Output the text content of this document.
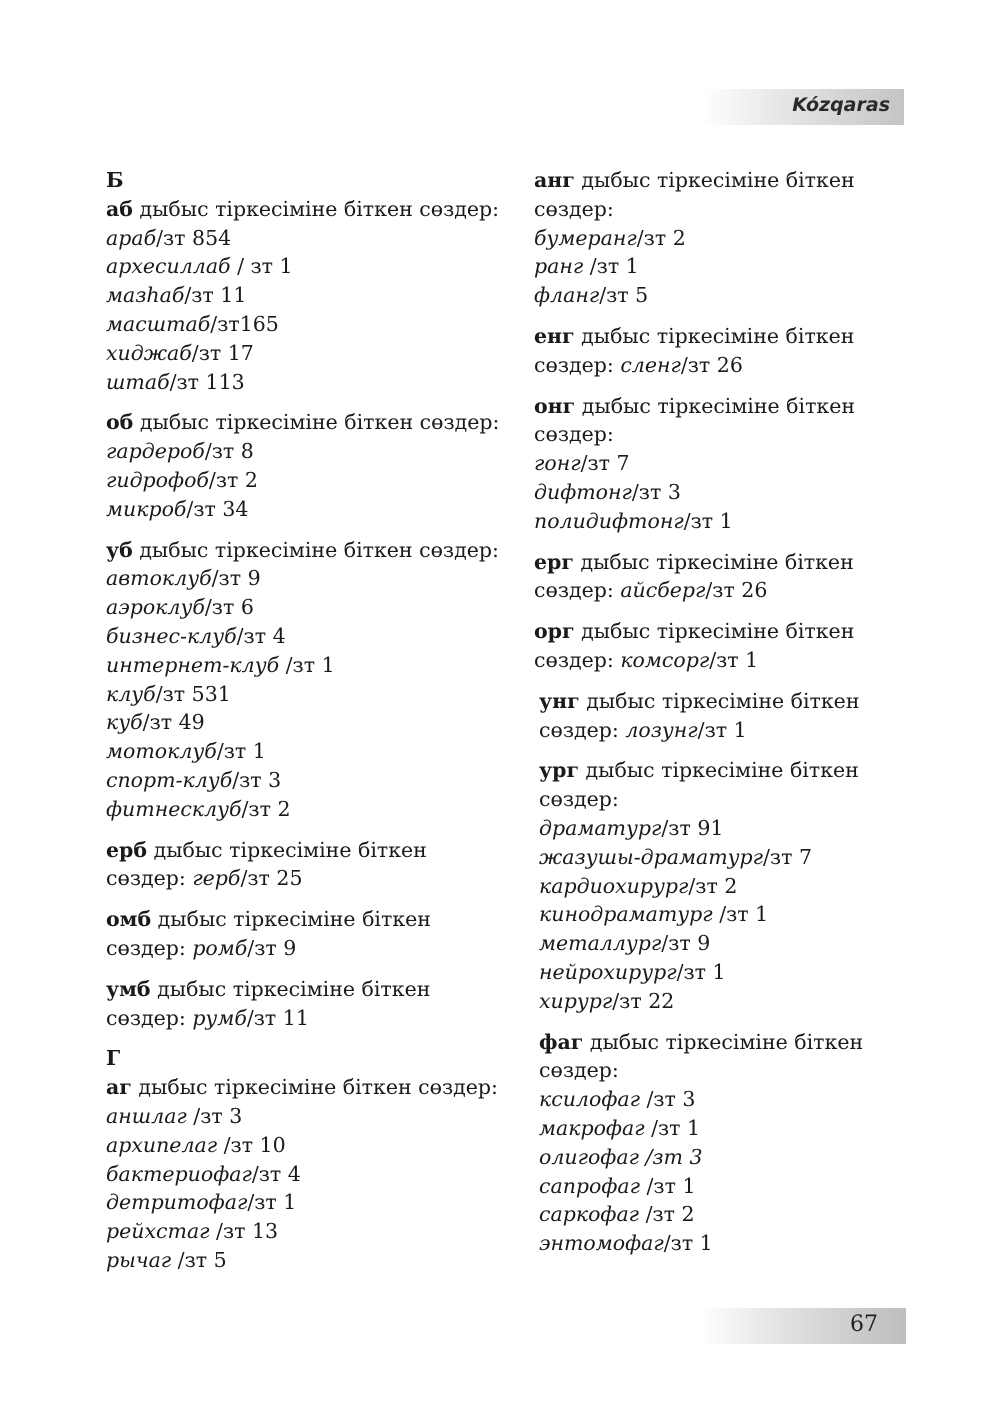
Kózqaras
Б
аб дыбыс тіркесіміне біткен сөздер:
араб/зт 854
архесиллаб / зт 1
мазһаб/зт 11
масштаб/зт165
хиджаб/зт 17
штаб/зт 113
об дыбыс тіркесіміне біткен сөздер:
гардероб/зт 8
гидрофоб/зт 2
микроб/зт 34
уб дыбыс тіркесіміне біткен сөздер:
автоклуб/зт 9
аэроклуб/зт 6
бизнес-клуб/зт 4
интернет-клуб /зт 1
клуб/зт 531
куб/зт 49
мотоклуб/зт 1
спорт-клуб/зт 3
фитнесклуб/зт 2
ерб дыбыс тіркесіміне біткен
сөздер: герб/зт 25
омб дыбыс тіркесіміне біткен
сөздер: ромб/зт 9
умб дыбыс тіркесіміне біткен
сөздер: румб/зт 11
Г
аг дыбыс тіркесіміне біткен сөздер:
аншлаг /зт 3
архипелаг /зт 10
бактериофаг/зт 4
детритофаг/зт 1
рейхстаг /зт 13
рычаг /зт 5
анг дыбыс тіркесіміне біткен
сөздер:
бумеранг/зт 2
ранг /зт 1
фланг/зт 5
енг дыбыс тіркесіміне біткен
сөздер: сленг/зт 26
онг дыбыс тіркесіміне біткен
сөздер:
гонг/зт 7
дифтонг/зт 3
полидифтонг/зт 1
ерг дыбыс тіркесіміне біткен
сөздер: айсберг/зт 26
орг дыбыс тіркесіміне біткен
сөздер: комсорг/зт 1
унг дыбыс тіркесіміне біткен
сөздер: лозунг/зт 1
ург дыбыс тіркесіміне біткен
сөздер:
драматург/зт 91
жазушы-драматург/зт 7
кардиохирург/зт 2
кинодраматург /зт 1
металлург/зт 9
нейрохирург/зт 1
хирург/зт 22
фаг дыбыс тіркесіміне біткен
сөздер:
ксилофаг /зт 3
макрофаг /зт 1
олигофаг /зт 3
сапрофаг /зт 1
саркофаг /зт 2
энтомофаг/зт 1
67
